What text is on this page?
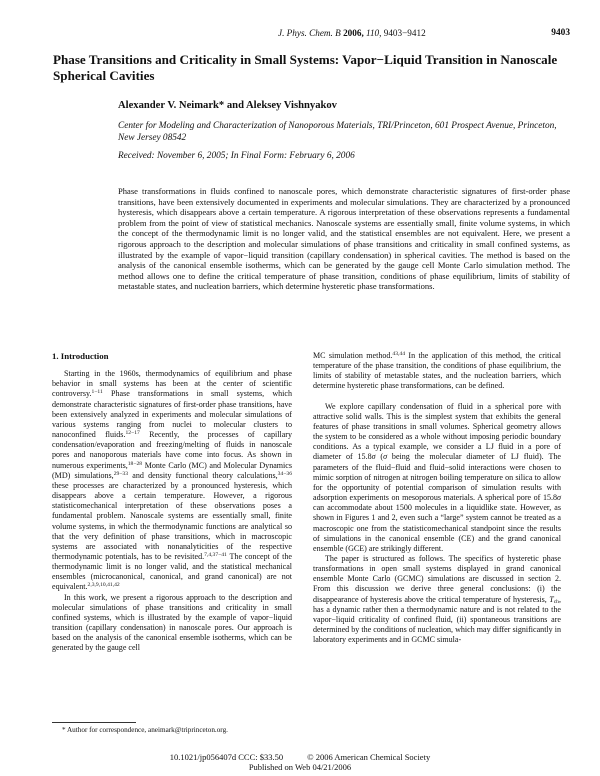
J. Phys. Chem. B 2006, 110, 9403−9412	9403
Phase Transitions and Criticality in Small Systems: Vapor−Liquid Transition in Nanoscale Spherical Cavities
Alexander V. Neimark* and Aleksey Vishnyakov
Center for Modeling and Characterization of Nanoporous Materials, TRI/Princeton, 601 Prospect Avenue, Princeton, New Jersey 08542
Received: November 6, 2005; In Final Form: February 6, 2006

Phase transformations in fluids confined to nanoscale pores, which demonstrate characteristic signatures of first-order phase transitions, have been extensively documented in experiments and molecular simulations. They are characterized by a pronounced hysteresis, which disappears above a certain temperature. A rigorous interpretation of these observations represents a fundamental problem from the point of view of statistical mechanics. Nanoscale systems are essentially small, finite volume systems, in which the concept of the thermodynamic limit is no longer valid, and the statistical ensembles are not equivalent. Here, we present a rigorous approach to the description and molecular simulations of phase transitions and criticality in small confined systems, as illustrated by the example of vapor−liquid transition (capillary condensation) in spherical cavities. The method is based on the analysis of the canonical ensemble isotherms, which can be generated by the gauge cell Monte Carlo simulation method. The method allows one to define the critical temperature of phase transition, conditions of phase equilibrium, limits of stability of metastable states, and nucleation barriers, which determine hysteretic phase transformations.

1. Introduction

Starting in the 1960s, thermodynamics of equilibrium and phase behavior in small systems has been at the center of scientific controversy.$^{1-11}$ Phase transformations in small systems, which demonstrate characteristic signatures of first-order phase transitions, have been extensively analyzed in experiments and molecular simulations of various systems ranging from nuclei to molecular clusters to nanoconfined fluids.$^{12-17}$ Recently, the processes of capillary condensation/evaporation and freezing/melting of fluids in nanoscale pores and nanoporous materials have come into focus. As shown in numerous experiments,$^{18-28}$ Monte Carlo (MC) and Molecular Dynamics (MD) simulations,$^{29-33}$ and density functional theory calculations,$^{34-36}$ these processes are characterized by a pronounced hysteresis, which disappears above a certain temperature. However, a rigorous statisticomechanical interpretation of these observations poses a fundamental problem. Nanoscale systems are essentially small, finite volume systems, in which the thermodynamic functions are analytical so that the very definition of phase transitions, which in macroscopic systems are associated with nonanalyticities of the respective thermodynamic potentials, has to be revisited.$^{7,4,37-41}$ The concept of the thermodynamic limit is no longer valid, and the statistical mechanical ensembles (microcanonical, canonical, and grand canonical) are not equivalent.$^{2,3,9,10,41,42}$

In this work, we present a rigorous approach to the description and molecular simulations of phase transitions and criticality in small confined systems, which is illustrated by the example of vapor−liquid transition (capillary condensation) in nanoscale pores. Our approach is based on the analysis of the canonical ensemble isotherms, which can be generated by the gauge cell

MC simulation method.$^{43,44}$ In the application of this method, the critical temperature of the phase transition, the conditions of phase equilibrium, the limits of stability of metastable states, and the nucleation barriers, which determine hysteretic phase transformations, can be defined.

We explore capillary condensation of fluid in a spherical pore with attractive solid walls. This is the simplest system that exhibits the general features of phase transitions in small volumes. Spherical geometry allows the system to be considered as a whole without imposing periodic boundary conditions. As a typical example, we consider a LJ fluid in a pore of diameter of 15.8σ (σ being the molecular diameter of LJ fluid). The parameters of the fluid−fluid and fluid−solid interactions were chosen to mimic sorption of nitrogen at nitrogen boiling temperature on silica to allow for the opportunity of potential comparison of simulation results with adsorption experiments on mesoporous materials. A spherical pore of 15.8σ can accommodate about 1500 molecules in a liquidlike state. However, as shown in Figures 1 and 2, even such a “large” system cannot be treated as a macroscopic one from the statisticomechanical standpoint since the results of simulations in the canonical ensemble (CE) and the grand canonical ensemble (GCE) are strikingly different.

The paper is structured as follows. The specifics of hysteretic phase transformations in open small systems displayed in grand canonical ensemble Monte Carlo (GCMC) simulations are discussed in section 2. From this discussion we derive three general conclusions: (i) the disappearance of hysteresis above the critical temperature of hysteresis, $T_{ch}$, has a dynamic rather then a thermodynamic nature and is not related to the vapor−liquid criticality of confined fluid, (ii) spontaneous transitions are determined by the conditions of nucleation, which may differ significantly in laboratory experiments and in GCMC simula-

* Author for correspondence, aneimark@triprinceton.org.
10.1021/jp056407d CCC: $33.50	© 2006 American Chemical Society
Published on Web 04/21/2006
